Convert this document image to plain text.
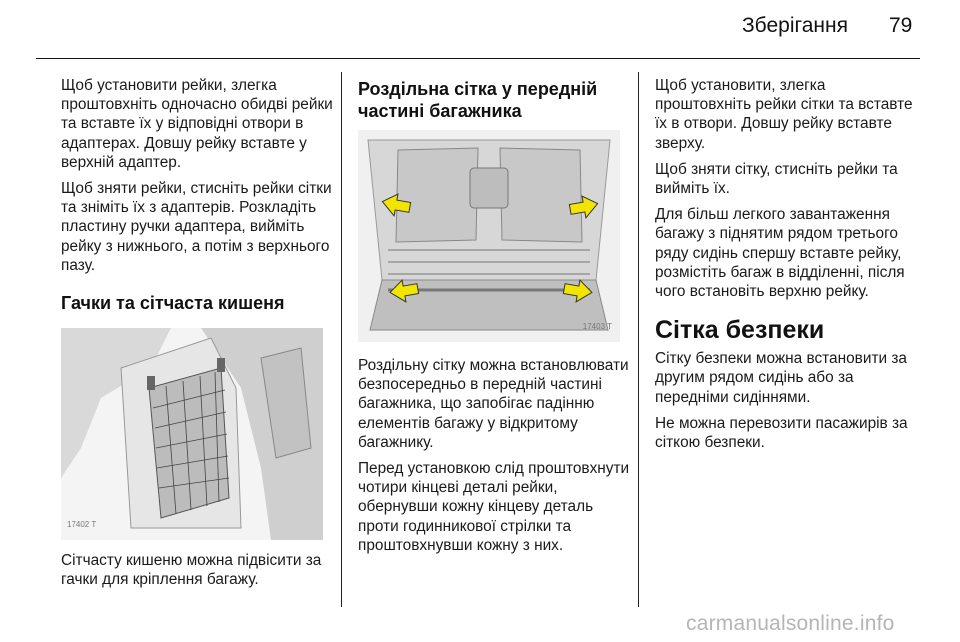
Зберігання 79

Щоб установити рейки, злегка проштовхніть одночасно обидві рейки та вставте їх у відповідні отвори в адаптерах. Довшу рейку вставте у верхній адаптер.

Щоб зняти рейки, стисніть рейки сітки та зніміть їх з адаптерів. Розкладіть пластину ручки адаптера, вийміть рейку з нижнього, а потім з верхнього пазу.

Гачки та сітчаста кишеня
17402 T

Сітчасту кишеню можна підвісити за гачки для кріплення багажу.

Роздільна сітка у передній частині багажника
17403 T

Роздільну сітку можна встановлювати безпосередньо в передній частині багажника, що запобігає падінню елементів багажу у відкритому багажнику.

Перед установкою слід проштовхнути чотири кінцеві деталі рейки, обернувши кожну кінцеву деталь проти годинникової стрілки та проштовхнувши кожну з них.

Щоб установити, злегка проштовхніть рейки сітки та вставте їх в отвори. Довшу рейку вставте зверху.

Щоб зняти сітку, стисніть рейки та вийміть їх.

Для більш легкого завантаження багажу з піднятим рядом третього ряду сидінь спершу вставте рейку, розмістіть багаж в відділенні, після чого встановіть верхню рейку.

Сітка безпеки

Сітку безпеки можна встановити за другим рядом сидінь або за передніми сидіннями.

Не можна перевозити пасажирів за сіткою безпеки.

carmanualsonline.info
